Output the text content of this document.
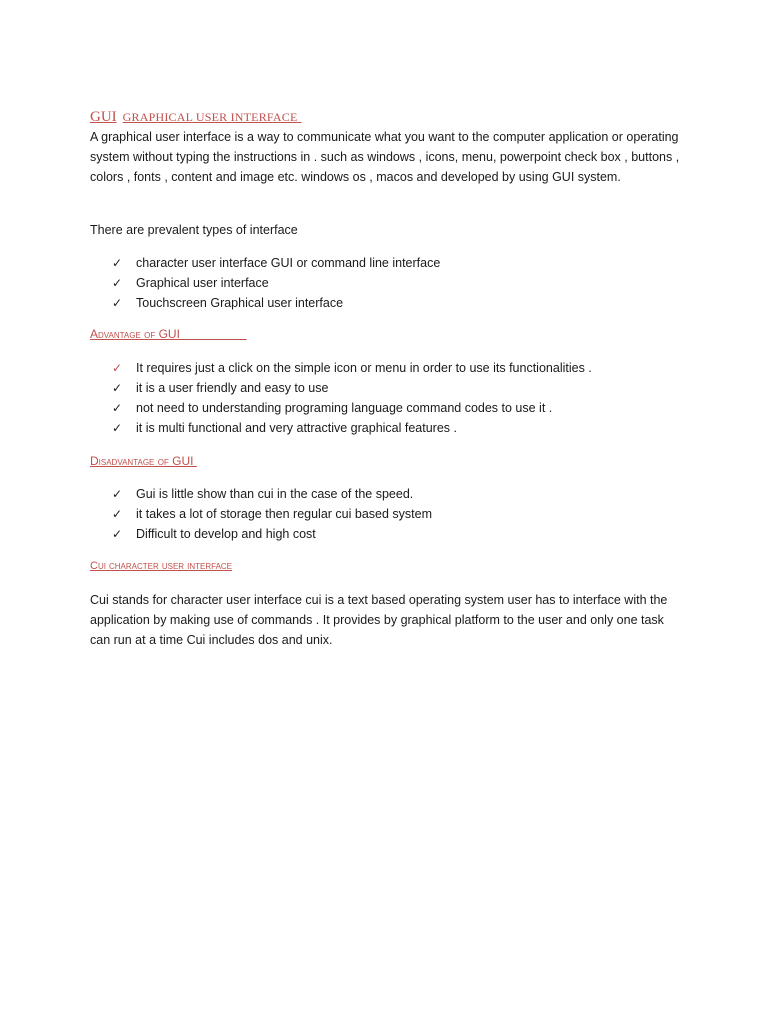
GUI GRAPHICAL USER INTERFACE
A graphical user interface is a way to communicate what you want to the computer application or operating system without typing the instructions in . such as windows , icons, menu, powerpoint check box , buttons , colors , fonts , content and image etc. windows os , macos and developed by using GUI system.
There are prevalent types of interface
✓ character user interface GUI or command line interface
✓ Graphical user interface
✓ Touchscreen Graphical user interface
Advantage of GUI
✓ It requires just a click on the simple icon or menu in order to use its functionalities .
✓ it is a user friendly and easy to use
✓ not need to understanding programing language command codes to use it .
✓ it is multi functional and very attractive graphical features .
Disadvantage of GUI
✓ Gui is little show than cui in the case of the speed.
✓ it takes a lot of storage then regular cui based system
✓ Difficult to develop and high cost
Cui character user interface
Cui stands for character user interface cui is a text based operating system user has to interface with the application by making use of commands . It provides by graphical platform to the user and only one task can run at a time Cui includes dos and unix.
